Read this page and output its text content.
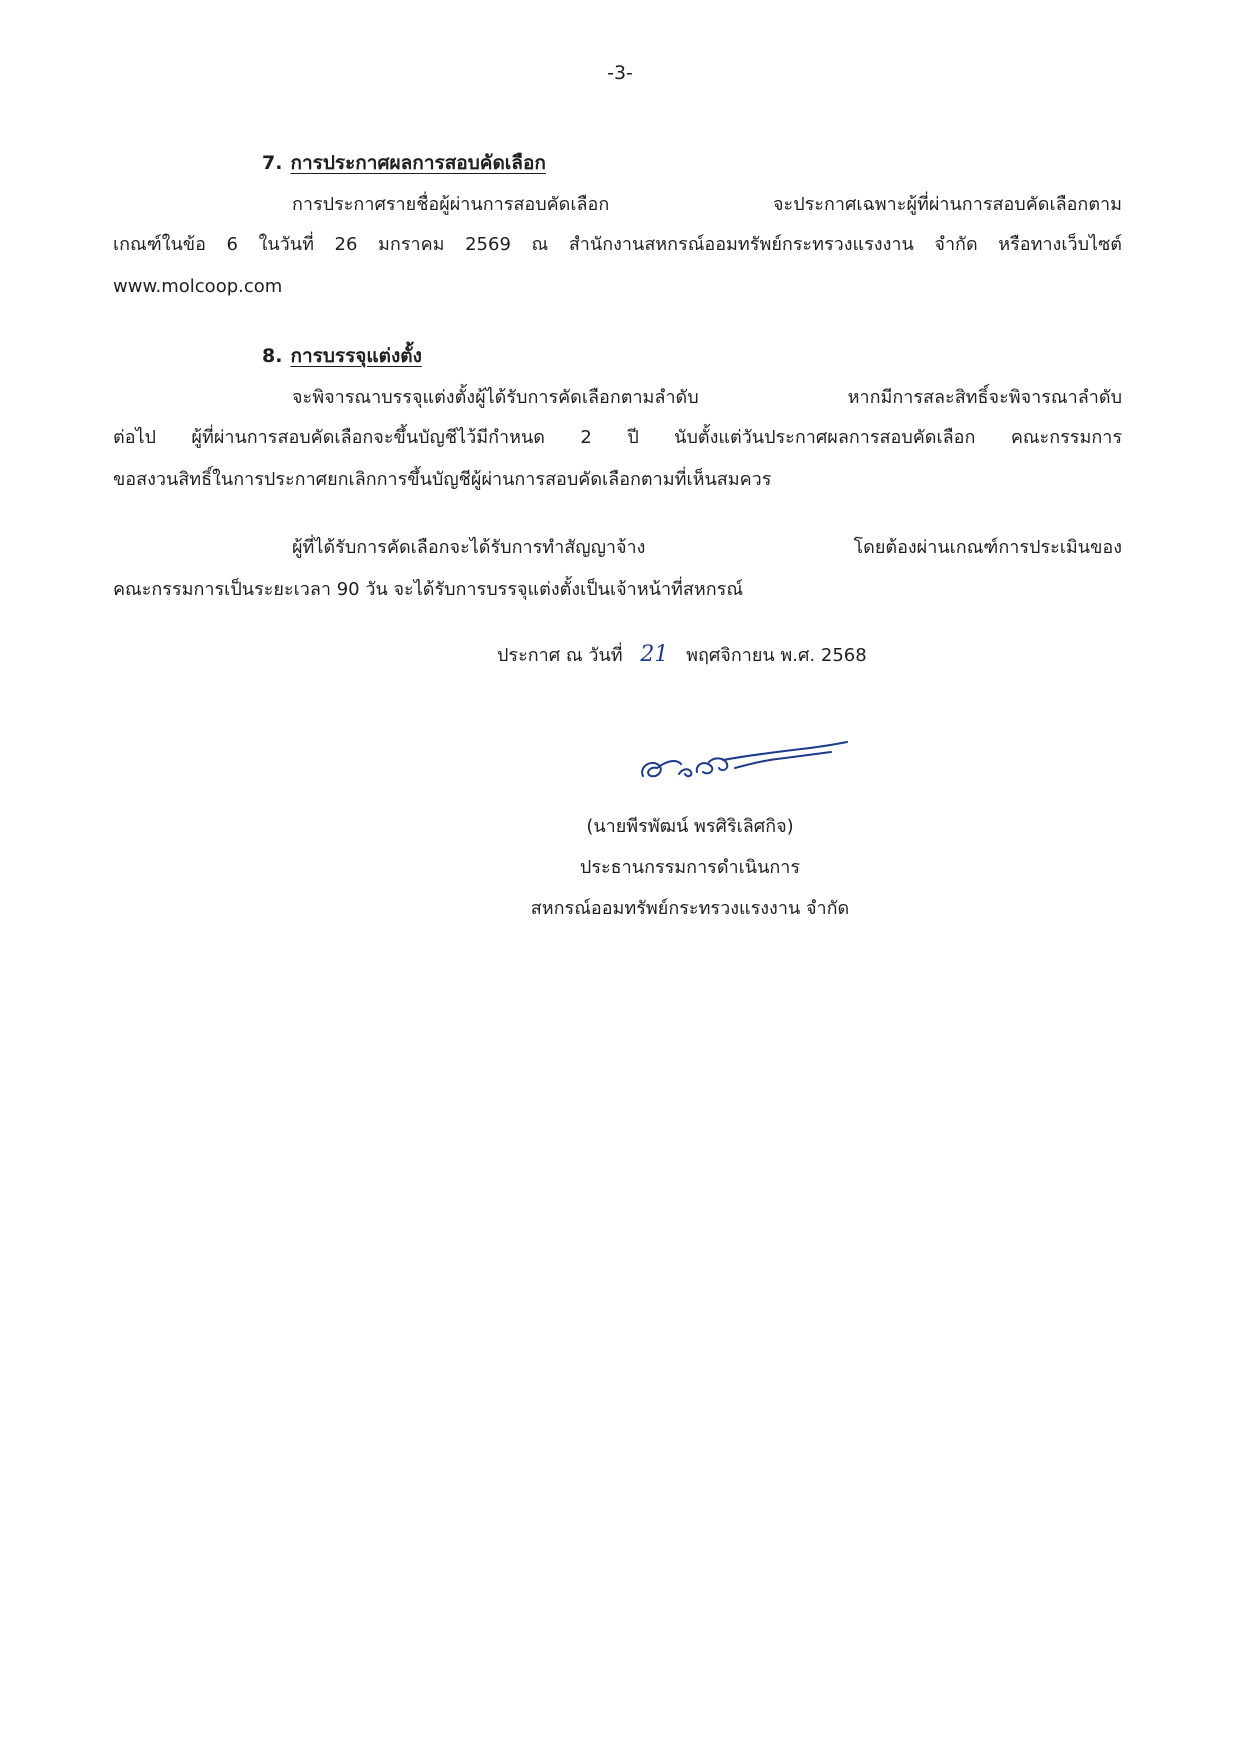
-3-
7. การประกาศผลการสอบคัดเลือก
การประกาศรายชื่อผู้ผ่านการสอบคัดเลือก จะประกาศเฉพาะผู้ที่ผ่านการสอบคัดเลือกตาม
เกณฑ์ในข้อ 6 ในวันที่ 26 มกราคม 2569 ณ สำนักงานสหกรณ์ออมทรัพย์กระทรวงแรงงาน จำกัด หรือทางเว็บไซต์
www.molcoop.com
8. การบรรจุแต่งตั้ง
จะพิจารณาบรรจุแต่งตั้งผู้ได้รับการคัดเลือกตามลำดับ หากมีการสละสิทธิ์จะพิจารณาลำดับ
ต่อไป ผู้ที่ผ่านการสอบคัดเลือกจะขึ้นบัญชีไว้มีกำหนด 2 ปี นับตั้งแต่วันประกาศผลการสอบคัดเลือก คณะกรรมการ
ขอสงวนสิทธิ์ในการประกาศยกเลิกการขึ้นบัญชีผู้ผ่านการสอบคัดเลือกตามที่เห็นสมควร
ผู้ที่ได้รับการคัดเลือกจะได้รับการทำสัญญาจ้าง โดยต้องผ่านเกณฑ์การประเมินของ
คณะกรรมการเป็นระยะเวลา 90 วัน จะได้รับการบรรจุแต่งตั้งเป็นเจ้าหน้าที่สหกรณ์
ประกาศ ณ วันที่ 21 พฤศจิกายน พ.ศ. 2568
(นายพีรพัฒน์ พรศิริเลิศกิจ)
ประธานกรรมการดำเนินการ
สหกรณ์ออมทรัพย์กระทรวงแรงงาน จำกัด
